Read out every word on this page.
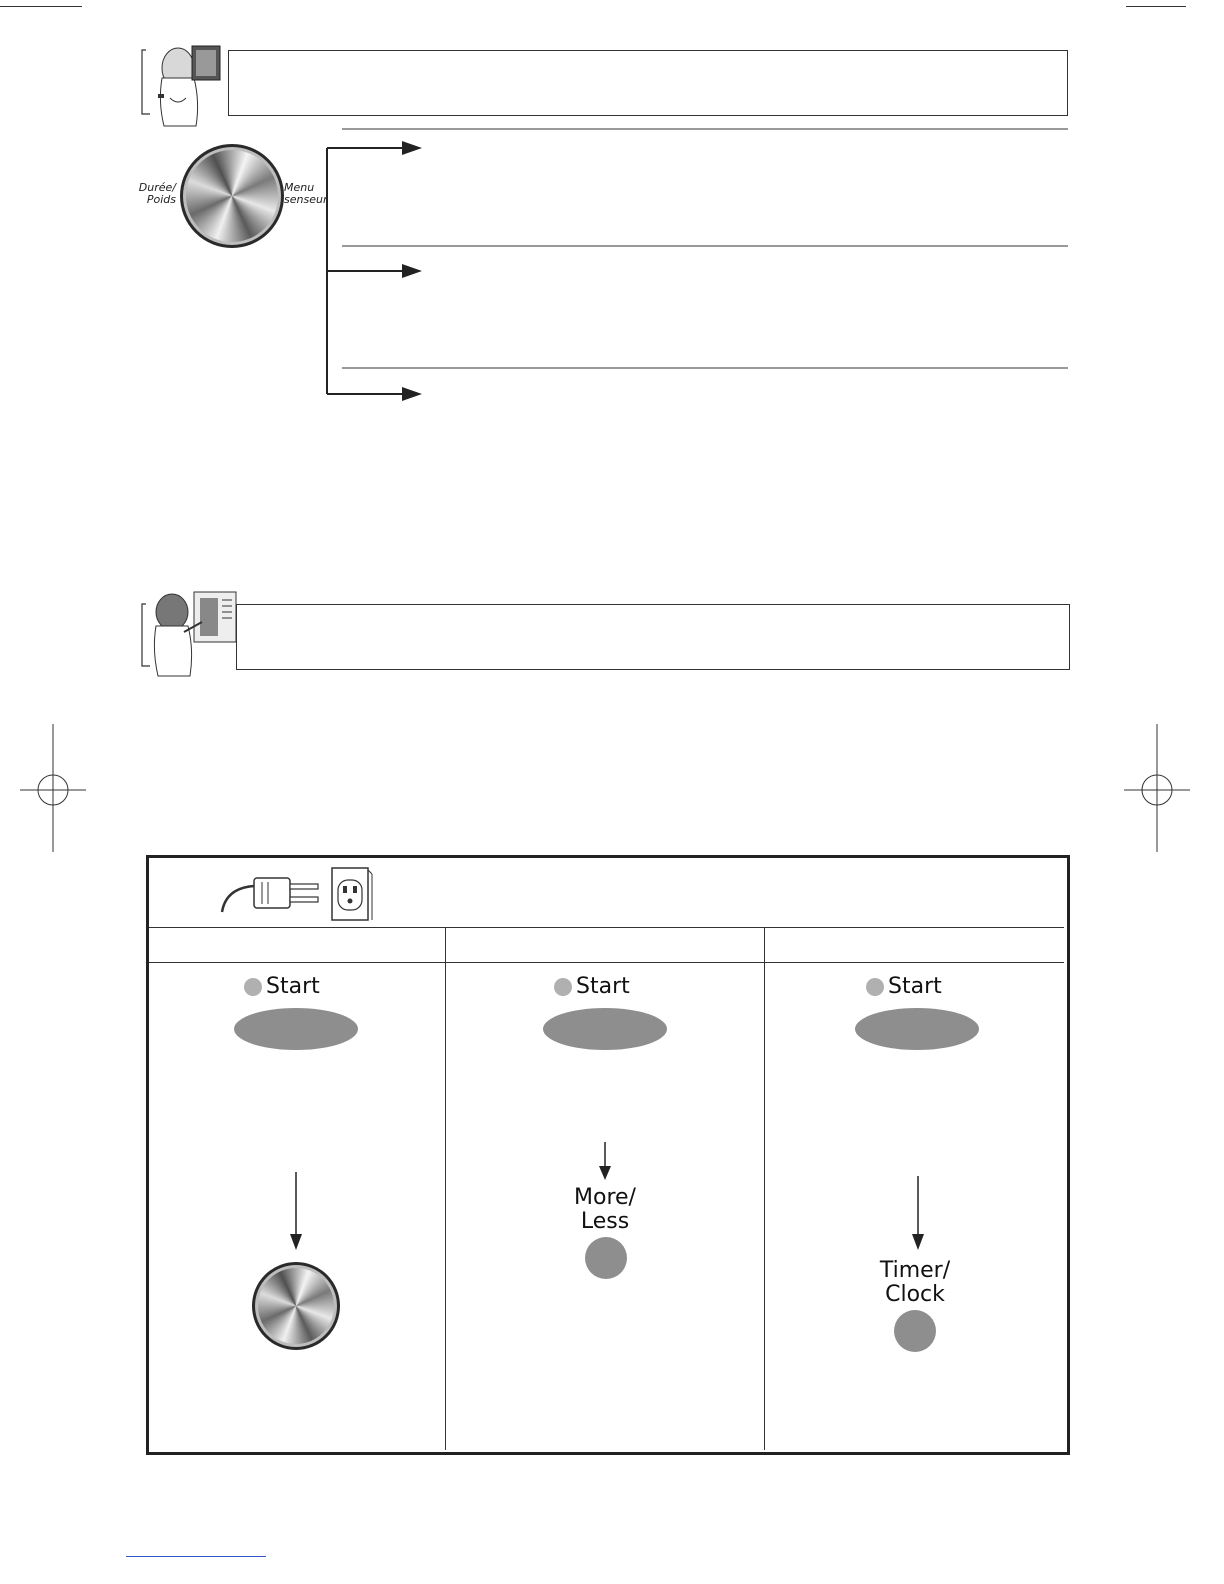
Durée/
Poids
Menu
senseur
Start	Start
More/
Less
Start
Timer/
Clock
